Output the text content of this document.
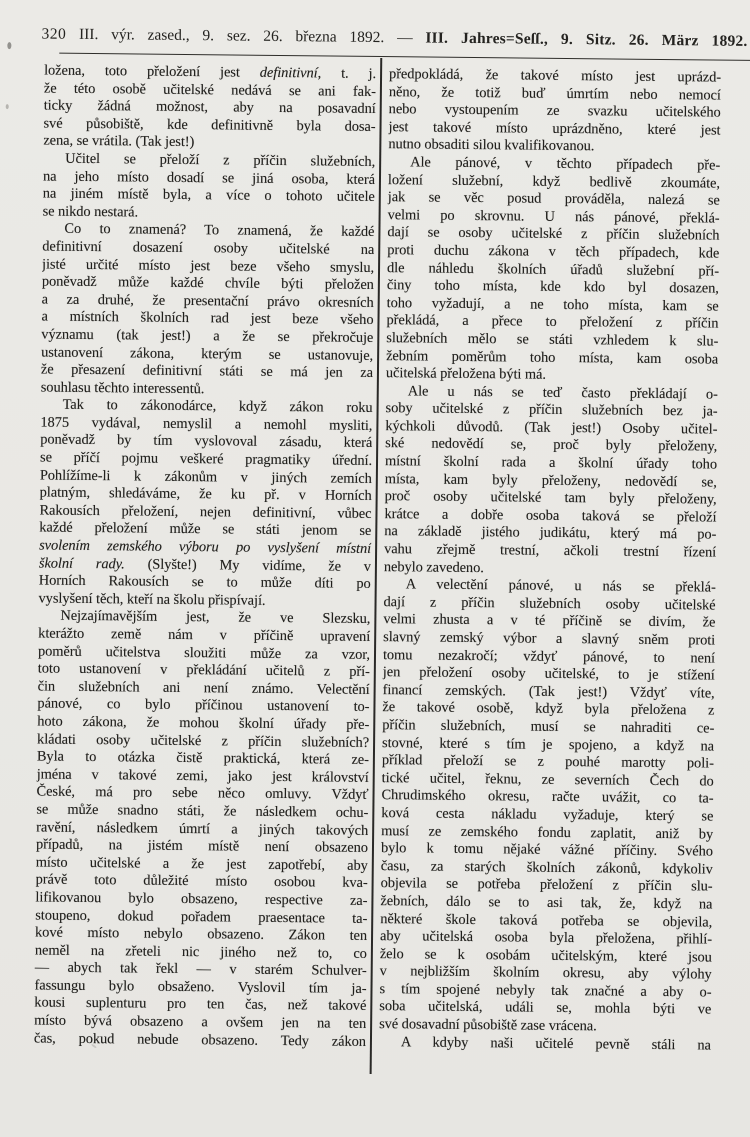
320 III. výr. zased., 9. sez. 26. března 1892. — III. Jahres=Seſſ., 9. Sitz. 26. März 1892.
ložena, toto přeložení jest definitivní, t. j.
že této osobě učitelské nedává se ani fak-
ticky žádná možnost, aby na posavadní
své působiště, kde definitivně byla dosa-
zena, se vrátila. (Tak jest!)
Učitel se přeloží z příčin služebních,
na jeho místo dosadí se jiná osoba, která
na jiném místě byla, a více o tohoto učitele
se nikdo nestará.
Co to znamená? To znamená, že každé
definitivní dosazení osoby učitelské na
jisté určité místo jest beze všeho smyslu,
poněvadž může každé chvíle býti přeložen
a za druhé, že presentační právo okresních
a místních školních rad jest beze všeho
významu (tak jest!) a že se překročuje
ustanovení zákona, kterým se ustanovuje,
že přesazení definitivní státi se má jen za
souhlasu těchto interessentů.
Tak to zákonodárce, když zákon roku
1875 vydával, nemyslil a nemohl mysliti,
poněvadž by tím vyslovoval zásadu, která
se příčí pojmu veškeré pragmatiky úřední.
Pohlížíme-li k zákonům v jiných zemích
platným, shledáváme, že ku př. v Horních
Rakousích přeložení, nejen definitivní, vůbec
každé přeložení může se státi jenom se
svolením zemského výboru po vyslyšení místní
školní rady. (Slyšte!) My vidíme, že v
Horních Rakousích se to může díti po
vyslyšení těch, kteří na školu přispívají.
Nejzajímavějším jest, že ve Slezsku,
kterážto země nám v příčině upravení
poměrů učitelstva sloužiti může za vzor,
toto ustanovení v překládání učitelů z pří-
čin služebních ani není známo. Velectění
pánové, co bylo příčinou ustanovení to-
hoto zákona, že mohou školní úřady pře-
kládati osoby učitelské z příčin služebních?
Byla to otázka čistě praktická, která ze-
jména v takové zemi, jako jest království
České, má pro sebe něco omluvy. Vždyť
se může snadno státi, že následkem ochu-
ravění, následkem úmrtí a jiných takových
případů, na jistém místě není obsazeno
místo učitelské a že jest zapotřebí, aby
právě toto důležité místo osobou kva-
lifikovanou bylo obsazeno, respective za-
stoupeno, dokud pořadem praesentace ta-
kové místo nebylo obsazeno. Zákon ten
neměl na zřeteli nic jiného než to, co
— abych tak řekl — v starém Schulver-
fassungu bylo obsaženo. Vyslovil tím ja-
kousi suplenturu pro ten čas, než takové
místo bývá obsazeno a ovšem jen na ten
čas, pokud nebude obsazeno. Tedy zákon
předpokládá, že takové místo jest uprázd-
něno, že totiž buď úmrtím nebo nemocí
nebo vystoupením ze svazku učitelského
jest takové místo uprázdněno, které jest
nutno obsaditi silou kvalifikovanou.
Ale pánové, v těchto případech pře-
ložení služební, když bedlivě zkoumáte,
jak se věc posud prováděla, nalezá se
velmi po skrovnu. U nás pánové, překlá-
dají se osoby učitelské z příčin služebních
proti duchu zákona v těch případech, kde
dle náhledu školních úřadů služební pří-
činy toho místa, kde kdo byl dosazen,
toho vyžadují, a ne toho místa, kam se
překládá, a přece to přeložení z příčin
služebních mělo se státi vzhledem k slu-
žebním poměrům toho místa, kam osoba
učitelská přeložena býti má.
Ale u nás se teď často překládají o-
soby učitelské z příčin služebních bez ja-
kýchkoli důvodů. (Tak jest!) Osoby učitel-
ské nedovědí se, proč byly přeloženy,
místní školní rada a školní úřady toho
místa, kam byly přeloženy, nedovědí se,
proč osoby učitelské tam byly přeloženy,
krátce a dobře osoba taková se přeloží
na základě jistého judikátu, který má po-
vahu zřejmě trestní, ačkoli trestní řízení
nebylo zavedeno.
A velectění pánové, u nás se překlá-
dají z příčin služebních osoby učitelské
velmi zhusta a v té příčině se divím, že
slavný zemský výbor a slavný sněm proti
tomu nezakročí; vždyť pánové, to není
jen přeložení osoby učitelské, to je stížení
financí zemských. (Tak jest!) Vždyť víte,
že takové osobě, když byla přeložena z
příčin služebních, musí se nahraditi ce-
stovné, které s tím je spojeno, a když na
příklad přeloží se z pouhé marotty poli-
tické učitel, řeknu, ze severních Čech do
Chrudimského okresu, račte uvážit, co ta-
ková cesta nákladu vyžaduje, který se
musí ze zemského fondu zaplatit, aniž by
bylo k tomu nějaké vážné příčiny. Svého
času, za starých školních zákonů, kdykoliv
objevila se potřeba přeložení z příčin slu-
žebních, dálo se to asi tak, že, když na
některé škole taková potřeba se objevila,
aby učitelská osoba byla přeložena, přihlí-
želo se k osobám učitelským, které jsou
v nejbližším školním okresu, aby výlohy
s tím spojené nebyly tak značné a aby o-
soba učitelská, událi se, mohla býti ve
své dosavadní působiště zase vrácena.
A kdyby naši učitelé pevně stáli na
